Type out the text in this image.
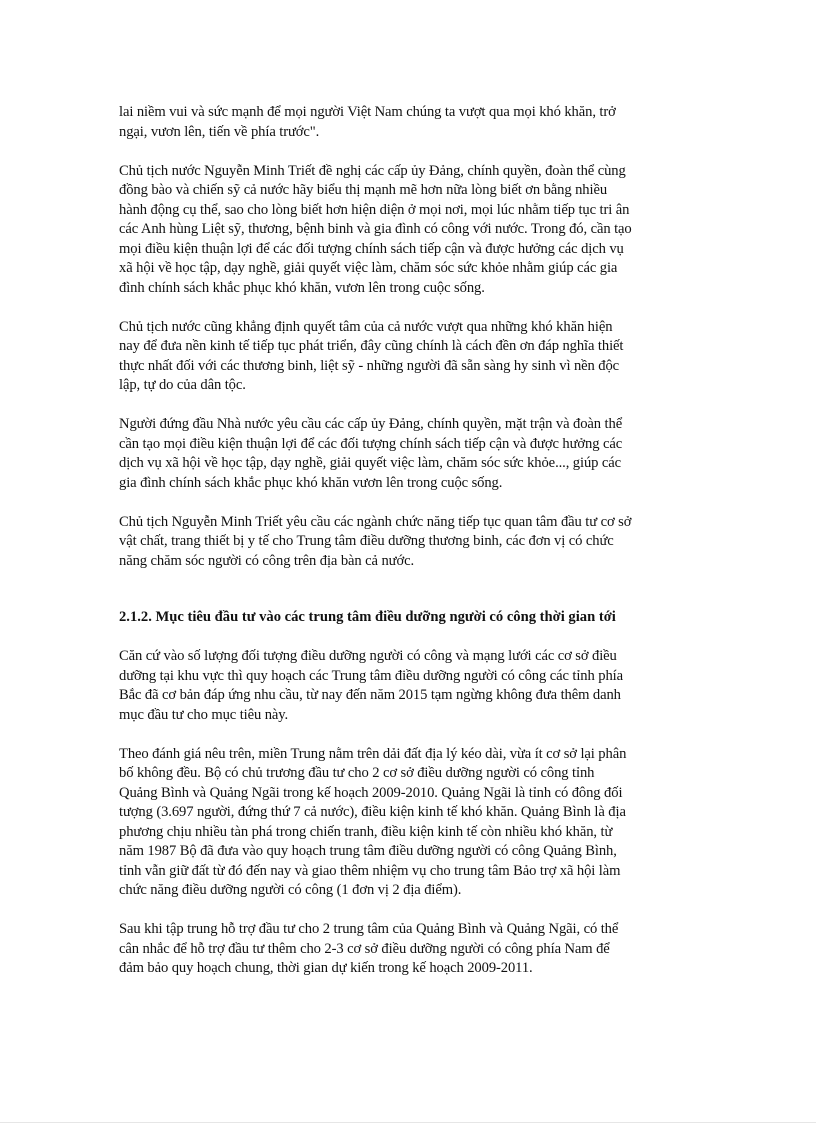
lai niềm vui và sức mạnh để mọi người Việt Nam chúng ta vượt qua mọi khó khăn, trở
ngại, vươn lên, tiến về phía trước".
Chủ tịch nước Nguyễn Minh Triết đề nghị các cấp ủy Đảng, chính quyền, đoàn thể cùng
đồng bào và chiến sỹ cả nước hãy biểu thị mạnh mẽ hơn nữa lòng biết ơn bằng nhiều
hành động cụ thể, sao cho lòng biết hơn hiện diện ở mọi nơi, mọi lúc nhằm tiếp tục tri ân
các Anh hùng Liệt sỹ, thương, bệnh binh và gia đình có công với nước. Trong đó, cần tạo
mọi điều kiện thuận lợi để các đối tượng chính sách tiếp cận và được hưởng các dịch vụ
xã hội về học tập, dạy nghề, giải quyết việc làm, chăm sóc sức khỏe nhằm giúp các gia
đình chính sách khắc phục khó khăn, vươn lên trong cuộc sống.
Chủ tịch nước cũng khẳng định quyết tâm của cả nước vượt qua những khó khăn hiện
nay để đưa nền kinh tế tiếp tục phát triển, đây cũng chính là cách đền ơn đáp nghĩa thiết
thực nhất đối với các thương binh, liệt sỹ - những người đã sẵn sàng hy sinh vì nền độc
lập, tự do của dân tộc.
Người đứng đầu Nhà nước yêu cầu các cấp ủy Đảng, chính quyền, mặt trận và đoàn thể
cần tạo mọi điều kiện thuận lợi để các đối tượng chính sách tiếp cận và được hưởng các
dịch vụ xã hội về học tập, dạy nghề, giải quyết việc làm, chăm sóc sức khỏe..., giúp các
gia đình chính sách khắc phục khó khăn vươn lên trong cuộc sống.
Chủ tịch Nguyễn Minh Triết yêu cầu các ngành chức năng tiếp tục quan tâm đầu tư cơ sở
vật chất, trang thiết bị y tế cho Trung tâm điều dưỡng thương binh, các đơn vị có chức
năng chăm sóc người có công trên địa bàn cả nước.
2.1.2. Mục tiêu đầu tư vào các trung tâm điều dưỡng người có công thời gian tới
Căn cứ vào số lượng đối tượng điều dưỡng người có công và mạng lưới các cơ sở điều
dưỡng tại khu vực thì quy hoạch các Trung tâm điều dưỡng người có công các tỉnh phía
Bắc đã cơ bản đáp ứng nhu cầu, từ nay đến năm 2015 tạm ngừng không đưa thêm danh
mục đầu tư cho mục tiêu này.
Theo đánh giá nêu trên, miền Trung nằm trên dải đất địa lý kéo dài, vừa ít cơ sở lại phân
bố không đều. Bộ có chủ trương đầu tư cho 2 cơ sở điều dưỡng người có công tỉnh
Quảng Bình và Quảng Ngãi trong kế hoạch 2009-2010. Quảng Ngãi là tỉnh có đông đối
tượng (3.697 người, đứng thứ 7 cả nước), điều kiện kinh tế khó khăn. Quảng Bình là địa
phương chịu nhiều tàn phá trong chiến tranh, điều kiện kinh tế còn nhiều khó khăn, từ
năm 1987 Bộ đã đưa vào quy hoạch trung tâm điều dưỡng người có công Quảng Bình,
tỉnh vẫn giữ đất từ đó đến nay và giao thêm nhiệm vụ cho trung tâm Bảo trợ xã hội làm
chức năng điều dưỡng người có công (1 đơn vị 2 địa điểm).
Sau khi tập trung hỗ trợ đầu tư cho 2 trung tâm của Quảng Bình và Quảng Ngãi, có thể
cân nhắc để hỗ trợ đầu tư thêm cho 2-3 cơ sở điều dưỡng người có công phía Nam để
đảm bảo quy hoạch chung, thời gian dự kiến trong kế hoạch 2009-2011.
